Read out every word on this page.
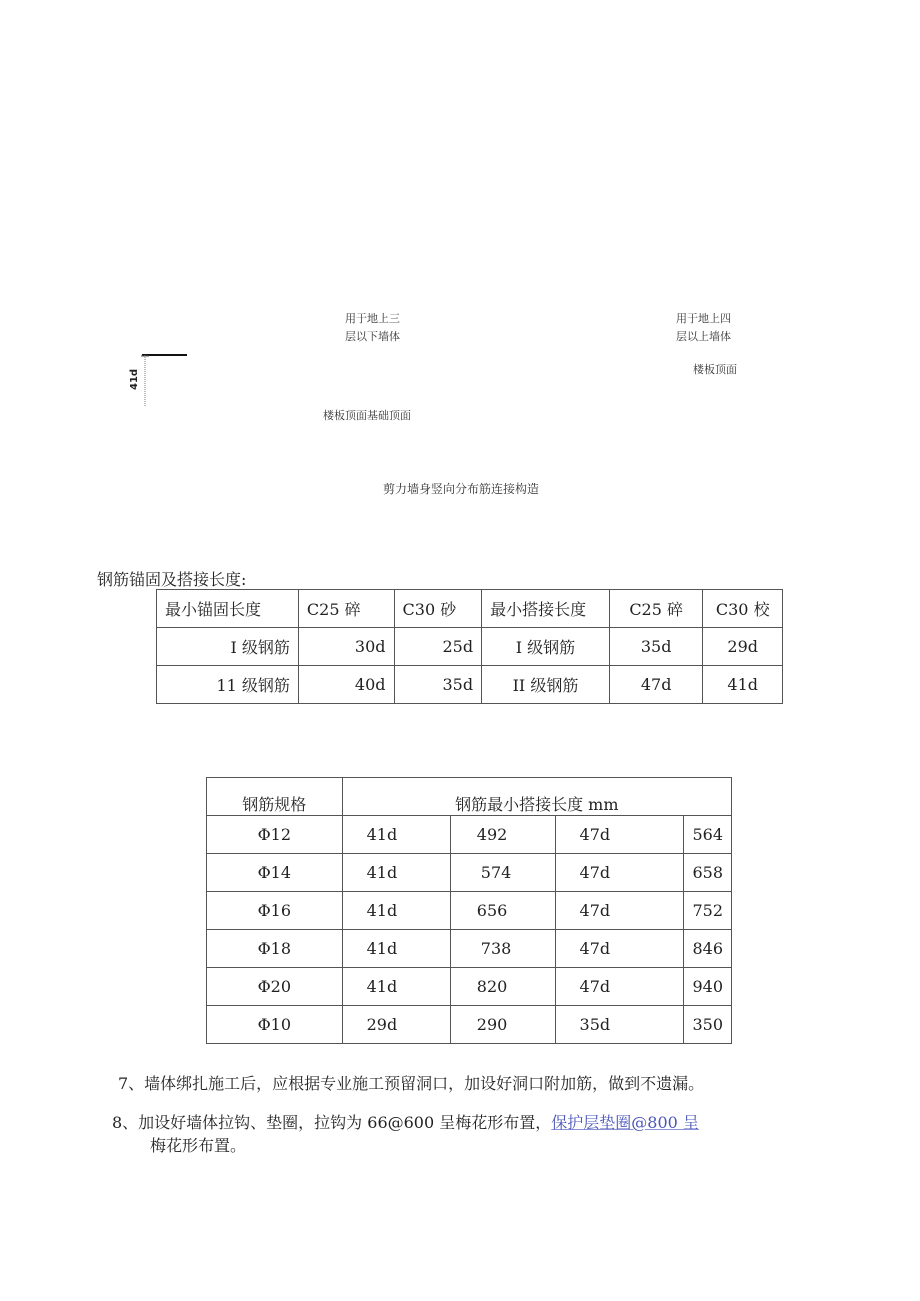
用于地上三
层以下墙体
用于地上四
层以上墙体
楼板顶面
楼板顶面基础顶面
41d
剪力墙身竖向分布筋连接构造
钢筋锚固及搭接长度:
最小锚固长度	C25 碎	C30 砂	最小搭接长度	C25 碎	C30 校
I 级钢筋	30d	25d	I 级钢筋	35d	29d
11 级钢筋	40d	35d	II 级钢筋	47d	41d
钢筋规格	钢筋最小搭接长度 mm			
Φ12	41d	492	47d	564
Φ14	41d	574	47d	658
Φ16	41d	656	47d	752
Φ18	41d	738	47d	846
Φ20	41d	820	47d	940
Φ10	29d	290	35d	350
7、墙体绑扎施工后，应根据专业施工预留洞口，加设好洞口附加筋，做到不遗漏。
8、加设好墙体拉钩、垫圈，拉钩为 66@600 呈梅花形布置，保护层垫圈@800 呈
梅花形布置。
